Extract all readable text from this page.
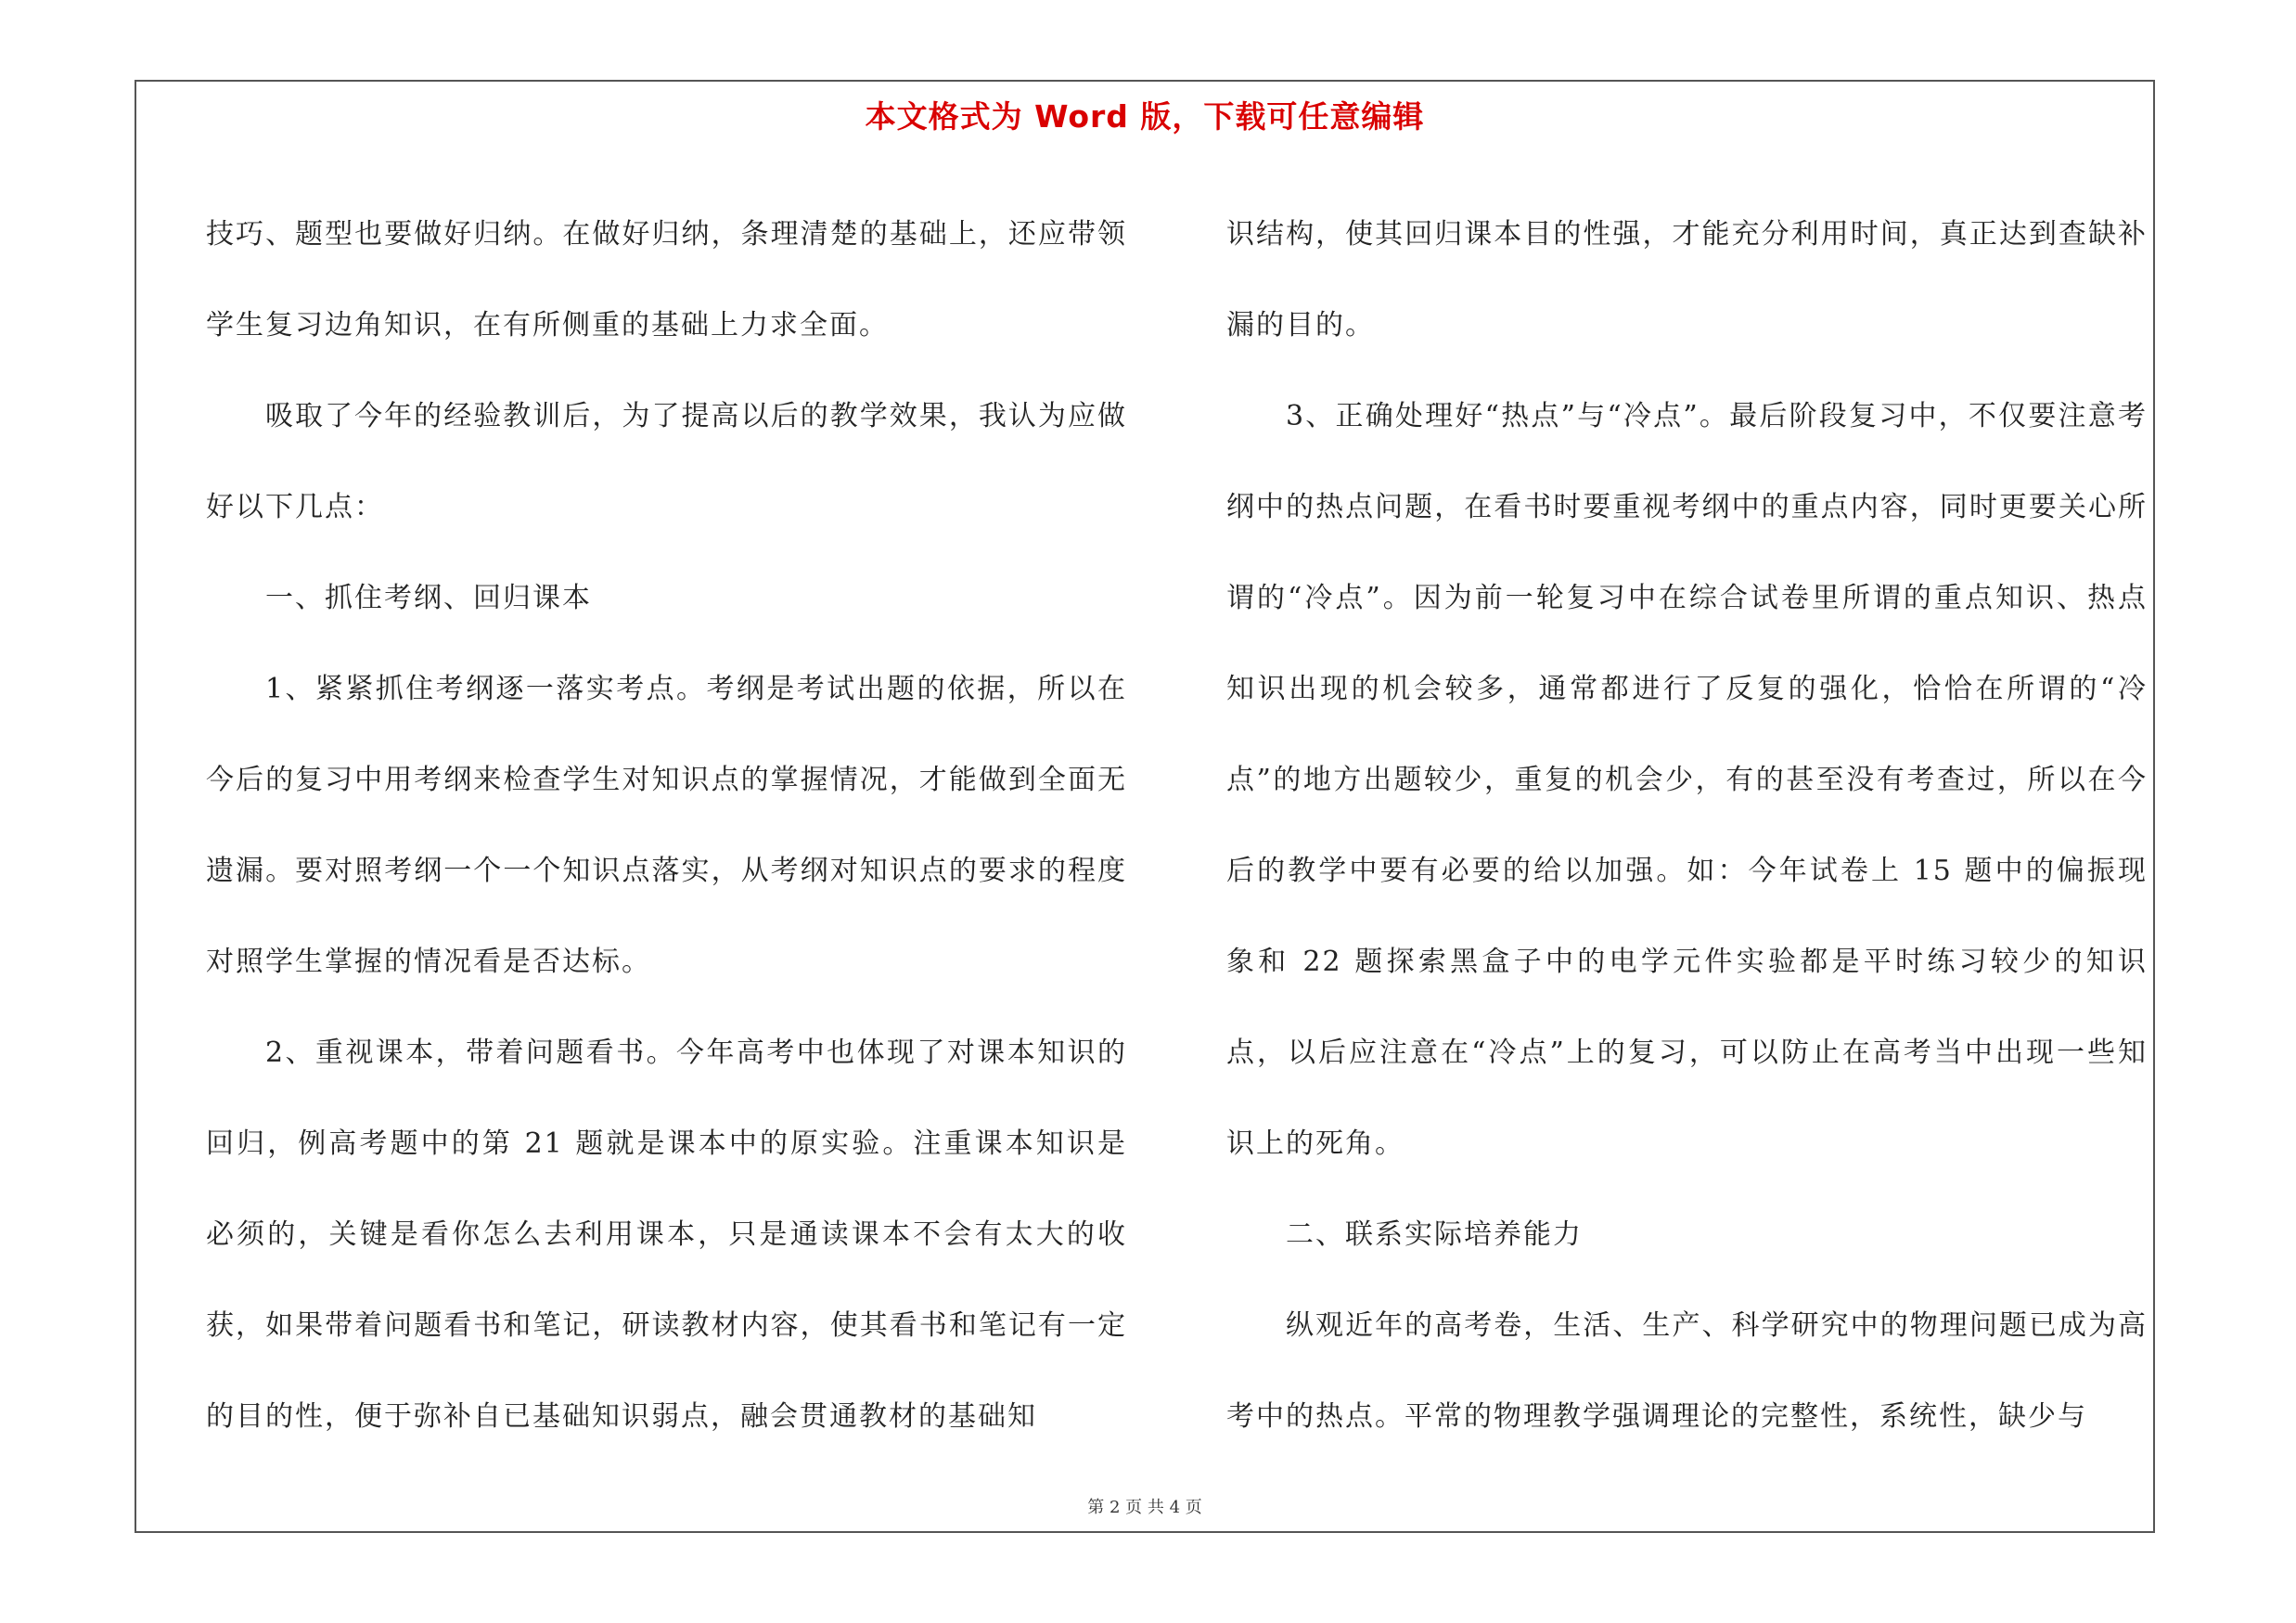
本文格式为 Word 版，下载可任意编辑

技巧、题型也要做好归纳。在做好归纳，条理清楚的基础上，还应带领学生复习边角知识，在有所侧重的基础上力求全面。

吸取了今年的经验教训后，为了提高以后的教学效果，我认为应做好以下几点：

一、抓住考纲、回归课本

1、紧紧抓住考纲逐一落实考点。考纲是考试出题的依据，所以在今后的复习中用考纲来检查学生对知识点的掌握情况，才能做到全面无遗漏。要对照考纲一个一个知识点落实，从考纲对知识点的要求的程度对照学生掌握的情况看是否达标。

2、重视课本，带着问题看书。今年高考中也体现了对课本知识的回归，例高考题中的第 21 题就是课本中的原实验。注重课本知识是必须的，关键是看你怎么去利用课本，只是通读课本不会有太大的收获，如果带着问题看书和笔记，研读教材内容，使其看书和笔记有一定的目的性，便于弥补自已基础知识弱点，融会贯通教材的基础知

识结构，使其回归课本目的性强，才能充分利用时间，真正达到查缺补漏的目的。

3、正确处理好“热点”与“冷点”。最后阶段复习中，不仅要注意考纲中的热点问题，在看书时要重视考纲中的重点内容，同时更要关心所谓的“冷点”。因为前一轮复习中在综合试卷里所谓的重点知识、热点知识出现的机会较多，通常都进行了反复的强化，恰恰在所谓的“冷点”的地方出题较少，重复的机会少，有的甚至没有考查过，所以在今后的教学中要有必要的给以加强。如：今年试卷上 15 题中的偏振现象和 22 题探索黑盒子中的电学元件实验都是平时练习较少的知识点，以后应注意在“冷点”上的复习，可以防止在高考当中出现一些知识上的死角。

二、联系实际培养能力

纵观近年的高考卷，生活、生产、科学研究中的物理问题已成为高考中的热点。平常的物理教学强调理论的完整性，系统性，缺少与

第 2 页 共 4 页
